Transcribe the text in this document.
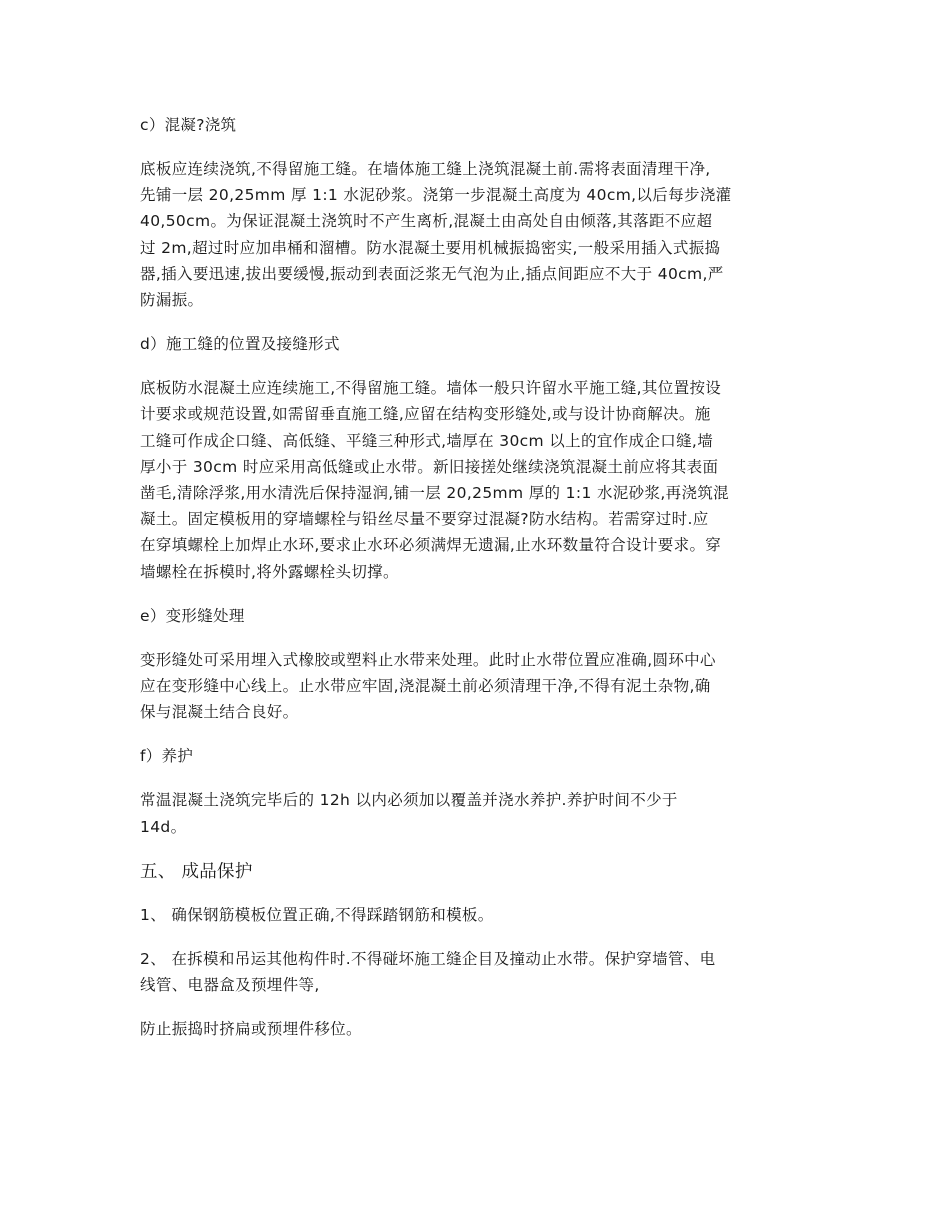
c）混凝?浇筑
底板应连续浇筑,不得留施工缝。在墙体施工缝上浇筑混凝土前.需将表面清理干净,
先铺一层 20,25mm 厚 1:1 水泥砂浆。浇第一步混凝土高度为 40cm,以后每步浇灌
40,50cm。为保证混凝土浇筑时不产生离析,混凝土由高处自由倾落,其落距不应超
过 2m,超过时应加串桶和溜槽。防水混凝土要用机械振捣密实,一般采用插入式振捣
器,插入要迅速,拔出要缓慢,振动到表面泛浆无气泡为止,插点间距应不大于 40cm,严
防漏振。
d）施工缝的位置及接缝形式
底板防水混凝土应连续施工,不得留施工缝。墙体一般只许留水平施工缝,其位置按设
计要求或规范设置,如需留垂直施工缝,应留在结构变形缝处,或与设计协商解决。施
工缝可作成企口缝、高低缝、平缝三种形式,墙厚在 30cm 以上的宜作成企口缝,墙
厚小于 30cm 时应采用高低缝或止水带。新旧接搓处继续浇筑混凝土前应将其表面
凿毛,清除浮浆,用水清洗后保持湿润,铺一层 20,25mm 厚的 1:1 水泥砂浆,再浇筑混
凝土。固定模板用的穿墙螺栓与铅丝尽量不要穿过混凝?防水结构。若需穿过时.应
在穿填螺栓上加焊止水环,要求止水环必须满焊无遗漏,止水环数量符合设计要求。穿
墙螺栓在拆模时,将外露螺栓头切撑。
e）变形缝处理
变形缝处可采用埋入式橡胶或塑料止水带来处理。此时止水带位置应准确,圆环中心
应在变形缝中心线上。止水带应牢固,浇混凝土前必须清理干净,不得有泥土杂物,确
保与混凝土结合良好。
f）养护
常温混凝土浇筑完毕后的 12h 以内必须加以覆盖并浇水养护.养护时间不少于
14d。
五、 成品保护
1、 确保钢筋模板位置正确,不得踩踏钢筋和模板。
2、 在拆模和吊运其他构件时.不得碰坏施工缝企目及撞动止水带。保护穿墙管、电
线管、电器盒及预埋件等,
防止振捣时挤扁或预埋件移位。
